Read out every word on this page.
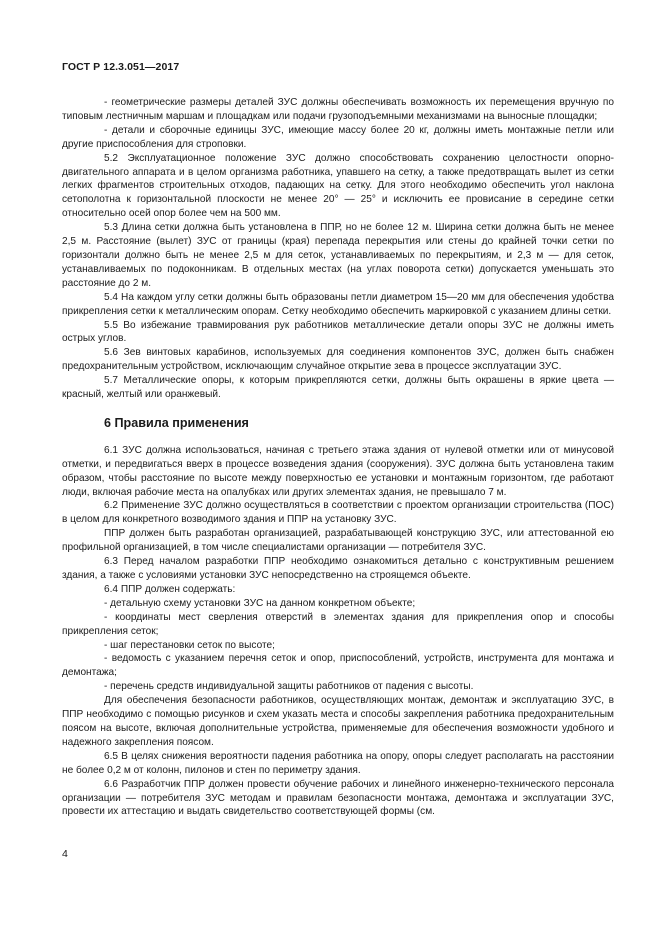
ГОСТ Р 12.3.051—2017

- геометрические размеры деталей ЗУС должны обеспечивать возможность их перемещения вручную по типовым лестничным маршам и площадкам или подачи грузоподъемными механизмами на выносные площадки;

- детали и сборочные единицы ЗУС, имеющие массу более 20 кг, должны иметь монтажные петли или другие приспособления для строповки.

5.2 Эксплуатационное положение ЗУС должно способствовать сохранению целостности опорно-двигательного аппарата и в целом организма работника, упавшего на сетку, а также предотвращать вылет из сетки легких фрагментов строительных отходов, падающих на сетку. Для этого необходимо обеспечить угол наклона сетополотна к горизонтальной плоскости не менее 20° — 25° и исключить ее провисание в середине сетки относительно осей опор более чем на 500 мм.

5.3 Длина сетки должна быть установлена в ППР, но не более 12 м. Ширина сетки должна быть не менее 2,5 м. Расстояние (вылет) ЗУС от границы (края) перепада перекрытия или стены до крайней точки сетки по горизонтали должно быть не менее 2,5 м для сеток, устанавливаемых по перекрытиям, и 2,3 м — для сеток, устанавливаемых по подоконникам. В отдельных местах (на углах поворота сетки) допускается уменьшать это расстояние до 2 м.

5.4 На каждом углу сетки должны быть образованы петли диаметром 15—20 мм для обеспечения удобства прикрепления сетки к металлическим опорам. Сетку необходимо обеспечить маркировкой с указанием длины сетки.

5.5 Во избежание травмирования рук работников металлические детали опоры ЗУС не должны иметь острых углов.

5.6 Зев винтовых карабинов, используемых для соединения компонентов ЗУС, должен быть снабжен предохранительным устройством, исключающим случайное открытие зева в процессе эксплуатации ЗУС.

5.7 Металлические опоры, к которым прикрепляются сетки, должны быть окрашены в яркие цвета — красный, желтый или оранжевый.

6 Правила применения

6.1 ЗУС должна использоваться, начиная с третьего этажа здания от нулевой отметки или от минусовой отметки, и передвигаться вверх в процессе возведения здания (сооружения). ЗУС должна быть установлена таким образом, чтобы расстояние по высоте между поверхностью ее установки и монтажным горизонтом, где работают люди, включая рабочие места на опалубках или других элементах здания, не превышало 7 м.

6.2 Применение ЗУС должно осуществляться в соответствии с проектом организации строительства (ПОС) в целом для конкретного возводимого здания и ППР на установку ЗУС.

ППР должен быть разработан организацией, разрабатывающей конструкцию ЗУС, или аттестованной ею профильной организацией, в том числе специалистами организации — потребителя ЗУС.

6.3 Перед началом разработки ППР необходимо ознакомиться детально с конструктивным решением здания, а также с условиями установки ЗУС непосредственно на строящемся объекте.

6.4 ППР должен содержать:

- детальную схему установки ЗУС на данном конкретном объекте;

- координаты мест сверления отверстий в элементах здания для прикрепления опор и способы прикрепления сеток;

- шаг перестановки сеток по высоте;

- ведомость с указанием перечня сеток и опор, приспособлений, устройств, инструмента для монтажа и демонтажа;

- перечень средств индивидуальной защиты работников от падения с высоты.

Для обеспечения безопасности работников, осуществляющих монтаж, демонтаж и эксплуатацию ЗУС, в ППР необходимо с помощью рисунков и схем указать места и способы закрепления работника предохранительным поясом на высоте, включая дополнительные устройства, применяемые для обеспечения возможности удобного и надежного закрепления поясом.

6.5 В целях снижения вероятности падения работника на опору, опоры следует располагать на расстоянии не более 0,2 м от колонн, пилонов и стен по периметру здания.

6.6 Разработчик ППР должен провести обучение рабочих и линейного инженерно-технического персонала организации — потребителя ЗУС методам и правилам безопасности монтажа, демонтажа и эксплуатации ЗУС, провести их аттестацию и выдать свидетельство соответствующей формы (см.

4
